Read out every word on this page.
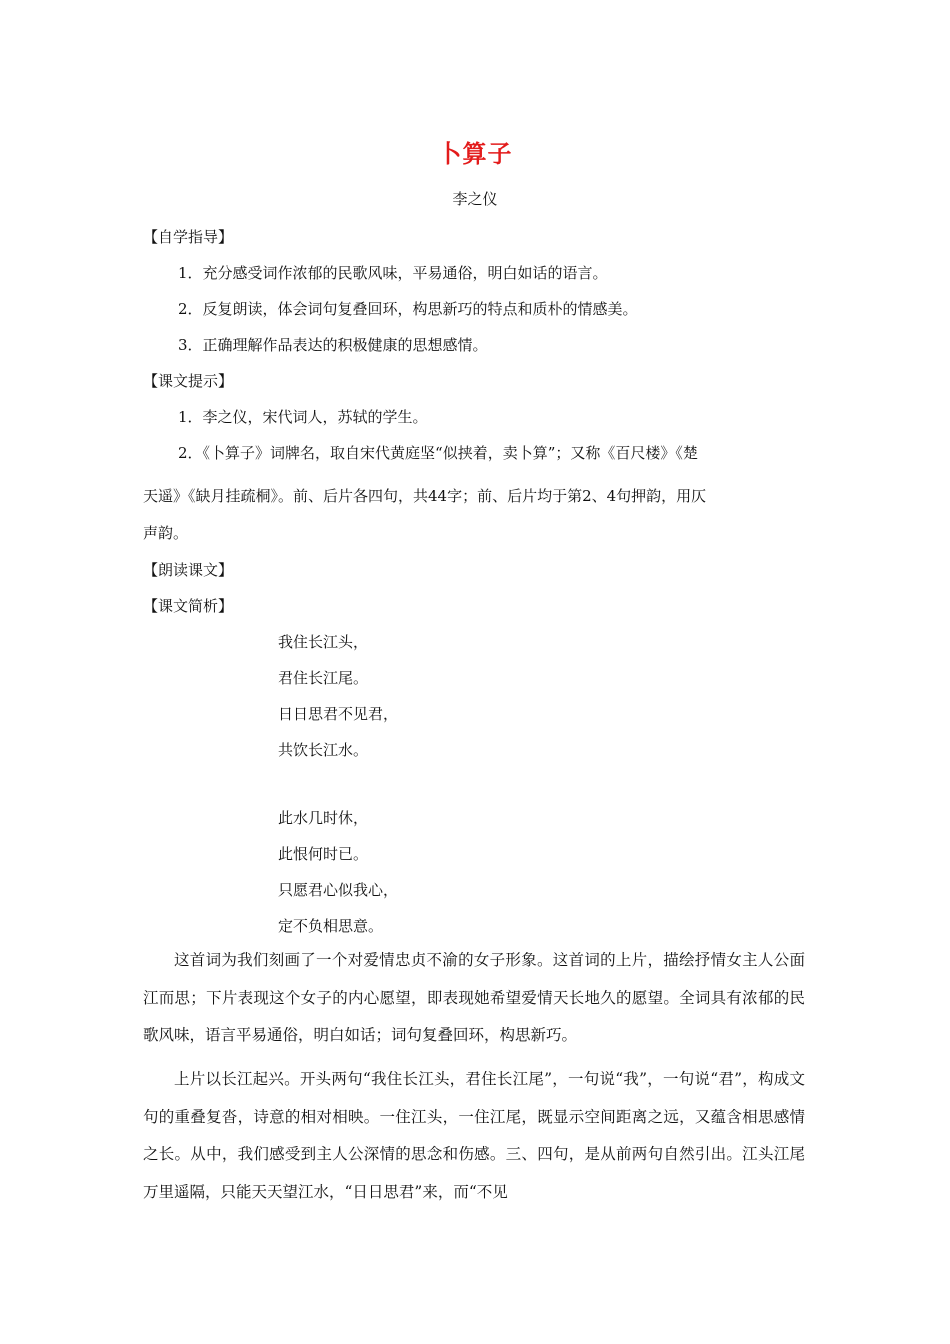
卜算子
李之仪
【自学指导】
1．充分感受词作浓郁的民歌风味，平易通俗，明白如话的语言。
2．反复朗读，体会词句复叠回环，构思新巧的特点和质朴的情感美。
3．正确理解作品表达的积极健康的思想感情。
【课文提示】
1．李之仪，宋代词人，苏轼的学生。
2．《卜算子》词牌名，取自宋代黄庭坚“似挟着，卖卜算”；又称《百尺楼》《楚
天遥》《缺月挂疏桐》。前、后片各四句，共44字；前、后片均于第2、4句押韵，用仄
声韵。
【朗读课文】
【课文简析】
我住长江头，
君住长江尾。
日日思君不见君，
共饮长江水。
此水几时休，
此恨何时已。
只愿君心似我心，
定不负相思意。

这首词为我们刻画了一个对爱情忠贞不渝的女子形象。这首词的上片，描绘抒情女主人公面江而思；下片表现这个女子的内心愿望，即表现她希望爱情天长地久的愿望。全词具有浓郁的民歌风味，语言平易通俗，明白如话；词句复叠回环，构思新巧。

上片以长江起兴。开头两句“我住长江头，君住长江尾”，一句说“我”，一句说“君”，构成文句的重叠复沓，诗意的相对相映。一住江头，一住江尾，既显示空间距离之远，又蕴含相思感情之长。从中，我们感受到主人公深情的思念和伤感。三、四句，是从前两句自然引出。江头江尾万里遥隔，只能天天望江水，“日日思君”来，而“不见
